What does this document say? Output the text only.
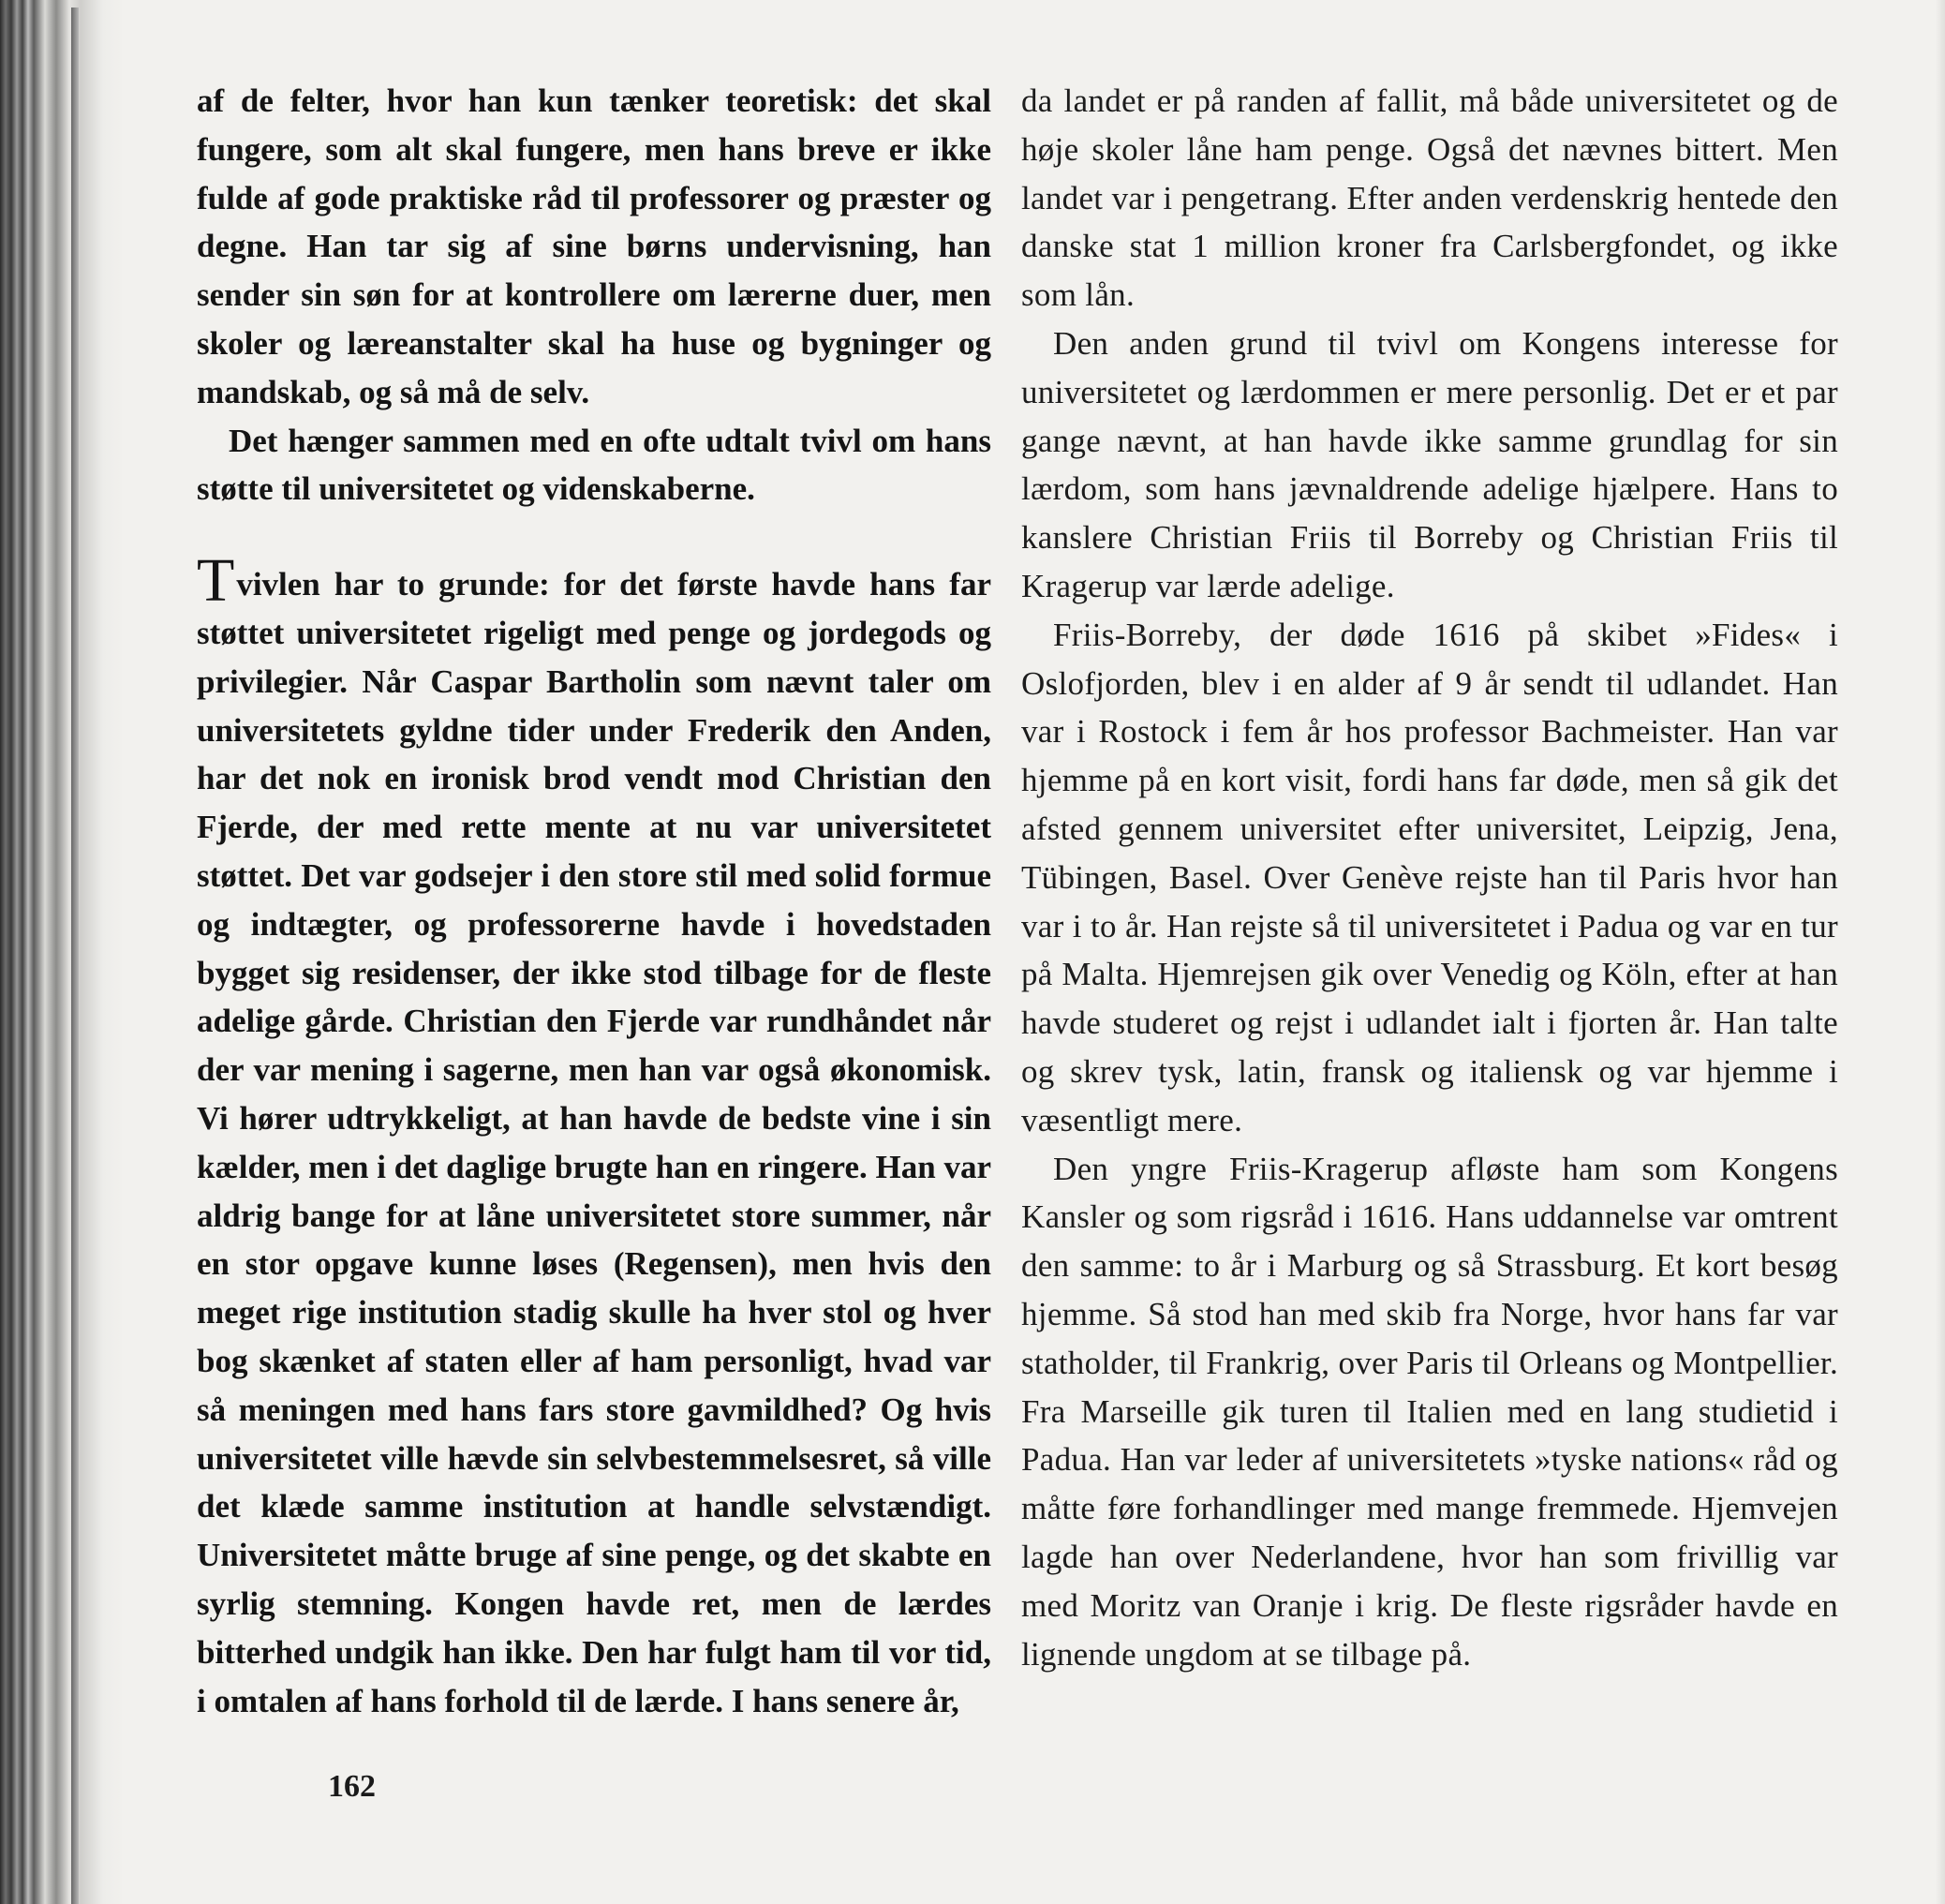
af de felter, hvor han kun tænker teoretisk: det skal fungere, som alt skal fungere, men hans breve er ikke fulde af gode praktiske råd til professorer og præster og degne. Han tar sig af sine børns undervisning, han sender sin søn for at kontrollere om lærerne duer, men skoler og læreanstalter skal ha huse og bygninger og mandskab, og så må de selv.

Det hænger sammen med en ofte udtalt tvivl om hans støtte til universitetet og videnskaberne.

Tvivlen har to grunde: for det første havde hans far støttet universitetet rigeligt med penge og jordegods og privilegier. Når Caspar Bartholin som nævnt taler om universitetets gyldne tider under Frederik den Anden, har det nok en ironisk brod vendt mod Christian den Fjerde, der med rette mente at nu var universitetet støttet. Det var godsejer i den store stil med solid formue og indtægter, og professorerne havde i hovedstaden bygget sig residenser, der ikke stod tilbage for de fleste adelige gårde. Christian den Fjerde var rundhåndet når der var mening i sagerne, men han var også økonomisk. Vi hører udtrykkeligt, at han havde de bedste vine i sin kælder, men i det daglige brugte han en ringere. Han var aldrig bange for at låne universitetet store summer, når en stor opgave kunne løses (Regensen), men hvis den meget rige institution stadig skulle ha hver stol og hver bog skænket af staten eller af ham personligt, hvad var så meningen med hans fars store gavmildhed? Og hvis universitetet ville hævde sin selvbestemmelsesret, så ville det klæde samme institution at handle selvstændigt. Universitetet måtte bruge af sine penge, og det skabte en syrlig stemning. Kongen havde ret, men de lærdes bitterhed undgik han ikke. Den har fulgt ham til vor tid, i omtalen af hans forhold til de lærde. I hans senere år,

da landet er på randen af fallit, må både universitetet og de høje skoler låne ham penge. Også det nævnes bittert. Men landet var i pengetrang. Efter anden verdenskrig hentede den danske stat 1 million kroner fra Carlsbergfondet, og ikke som lån.

Den anden grund til tvivl om Kongens interesse for universitetet og lærdommen er mere personlig. Det er et par gange nævnt, at han havde ikke samme grundlag for sin lærdom, som hans jævnaldrende adelige hjælpere. Hans to kanslere Christian Friis til Borreby og Christian Friis til Kragerup var lærde adelige.

Friis-Borreby, der døde 1616 på skibet »Fides« i Oslofjorden, blev i en alder af 9 år sendt til udlandet. Han var i Rostock i fem år hos professor Bachmeister. Han var hjemme på en kort visit, fordi hans far døde, men så gik det afsted gennem universitet efter universitet, Leipzig, Jena, Tübingen, Basel. Over Genève rejste han til Paris hvor han var i to år. Han rejste så til universitetet i Padua og var en tur på Malta. Hjemrejsen gik over Venedig og Köln, efter at han havde studeret og rejst i udlandet ialt i fjorten år. Han talte og skrev tysk, latin, fransk og italiensk og var hjemme i væsentligt mere.

Den yngre Friis-Kragerup afløste ham som Kongens Kansler og som rigsråd i 1616. Hans uddannelse var omtrent den samme: to år i Marburg og så Strassburg. Et kort besøg hjemme. Så stod han med skib fra Norge, hvor hans far var statholder, til Frankrig, over Paris til Orleans og Montpellier. Fra Marseille gik turen til Italien med en lang studietid i Padua. Han var leder af universitetets »tyske nations« råd og måtte føre forhandlinger med mange fremmede. Hjemvejen lagde han over Nederlandene, hvor han som frivillig var med Moritz van Oranje i krig. De fleste rigsråder havde en lignende ungdom at se tilbage på.

162
